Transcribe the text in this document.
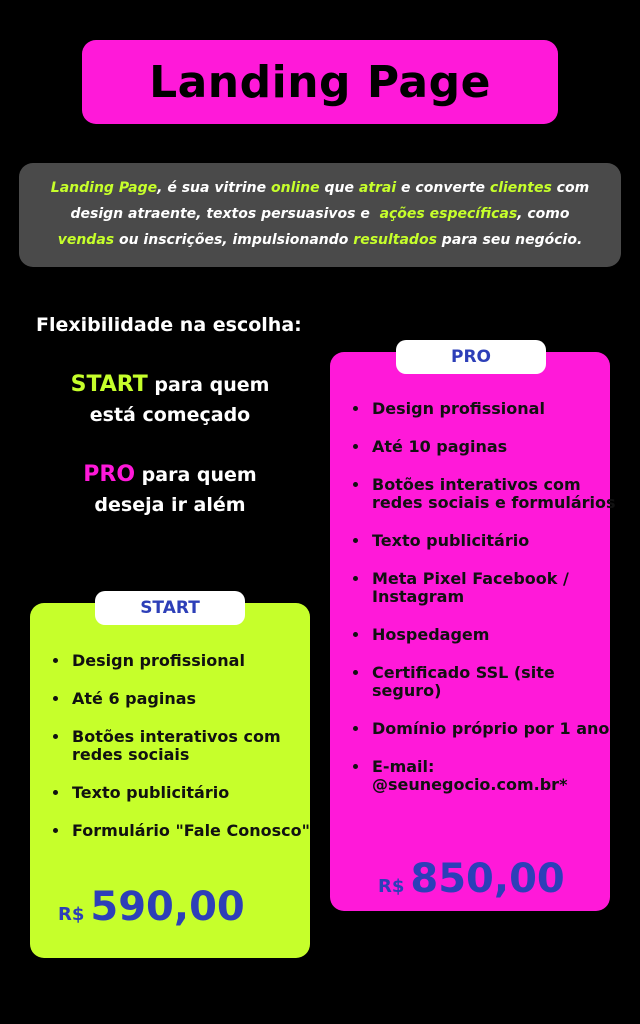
Landing Page
Landing Page, é sua vitrine online que atrai e converte clientes com
design atraente, textos persuasivos e  ações específicas, como
vendas ou inscrições, impulsionando resultados para seu negócio.
Flexibilidade na escolha:
START para quem
está começado
PRO para quem
deseja ir além
PRO
• Design profissional
• Até 10 paginas
• Botões interativos com redes sociais e formulários
• Texto publicitário
• Meta Pixel Facebook / Instagram
• Hospedagem
• Certificado SSL (site seguro)
• Domínio próprio por 1 ano
• E-mail: @seunegocio.com.br*
R$ 850,00
START
• Design profissional
• Até 6 paginas
• Botões interativos com redes sociais
• Texto publicitário
• Formulário "Fale Conosco"
R$ 590,00
